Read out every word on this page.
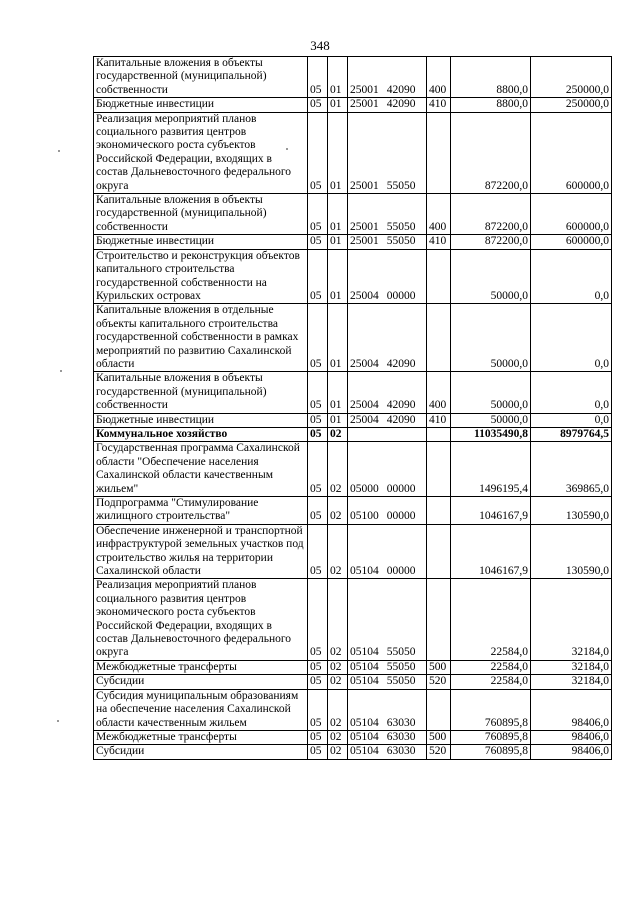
348
Капитальные вложения в объекты государственной (муниципальной) собственности	05	01	25001 42090	400	8800,0	250000,0
Бюджетные инвестиции	05	01	25001 42090	410	8800,0	250000,0
Реализация мероприятий планов социального развития центров экономического роста субъектов Российской Федерации, входящих в состав Дальневосточного федерального округа	05	01	25001 55050		872200,0	600000,0
Капитальные вложения в объекты государственной (муниципальной) собственности	05	01	25001 55050	400	872200,0	600000,0
Бюджетные инвестиции	05	01	25001 55050	410	872200,0	600000,0
Строительство и реконструкция объектов капитального строительства государственной собственности на Курильских островах	05	01	25004 00000		50000,0	0,0
Капитальные вложения в отдельные объекты капитального строительства государственной собственности в рамках мероприятий по развитию Сахалинской области	05	01	25004 42090		50000,0	0,0
Капитальные вложения в объекты государственной (муниципальной) собственности	05	01	25004 42090	400	50000,0	0,0
Бюджетные инвестиции	05	01	25004 42090	410	50000,0	0,0
Коммунальное хозяйство	05	02			11035490,8	8979764,5
Государственная программа Сахалинской области "Обеспечение населения Сахалинской области качественным жильем"	05	02	05000 00000		1496195,4	369865,0
Подпрограмма "Стимулирование жилищного строительства"	05	02	05100 00000		1046167,9	130590,0
Обеспечение инженерной и транспортной инфраструктурой земельных участков под строительство жилья на территории Сахалинской области	05	02	05104 00000		1046167,9	130590,0
Реализация мероприятий планов социального развития центров экономического роста субъектов Российской Федерации, входящих в состав Дальневосточного федерального округа	05	02	05104 55050		22584,0	32184,0
Межбюджетные трансферты	05	02	05104 55050	500	22584,0	32184,0
Субсидии	05	02	05104 55050	520	22584,0	32184,0
Субсидия муниципальным образованиям на обеспечение населения Сахалинской области качественным жильем	05	02	05104 63030		760895,8	98406,0
Межбюджетные трансферты	05	02	05104 63030	500	760895,8	98406,0
Субсидии	05	02	05104 63030	520	760895,8	98406,0
